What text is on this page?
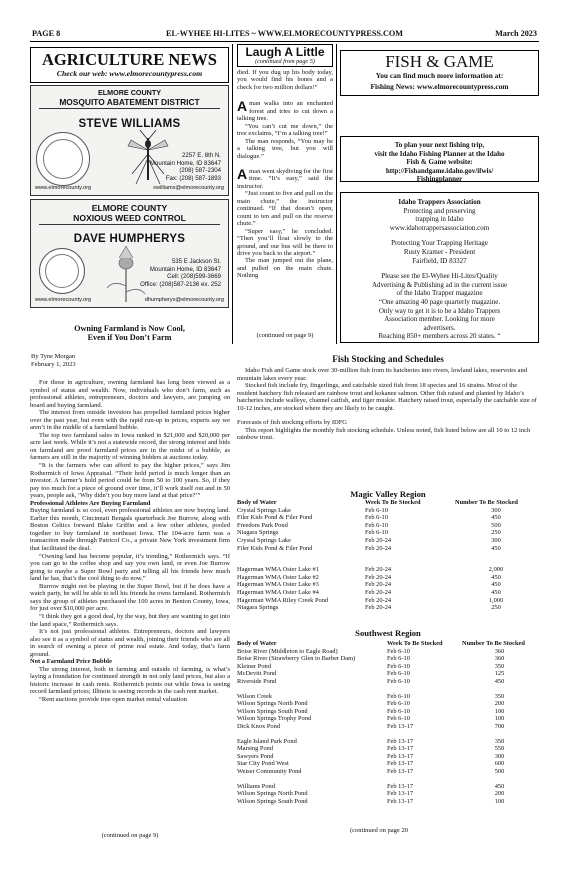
PAGE 8	EL-WYHEE HI-LITES ~ WWW.ELMORECOUNTYPRESS.COM	March 2023
AGRICULTURE NEWS
Check our web: www.elmorecountypress.com
ELMORE COUNTY
MOSQUITO ABATEMENT DISTRICT
STEVE WILLIAMS
2257 E. 8th N.
Mountain Home, ID 83647
(208) 587-2304
Fax: (208) 587-1893
www.elmorecounty.org	swilliams@elmorecounty.org
ELMORE COUNTY
NOXIOUS WEED CONTROL
DAVE HUMPHERYS
535 E Jackson St.
Mountain Home, ID 83647
Cell: (208)599-3669
Office: (208)587-2136 ex. 252
www.elmorecounty.org	dhumpherys@elmorecounty.org
Owning Farmland is Now Cool,
Even if You Don’t Farm
By Tyne Morgan
February 1, 2023
For those in agriculture, owning farmland has long been viewed as a symbol of status and wealth. Now, individuals who don’t farm, such as professional athletes, entrepreneurs, doctors and lawyers, are jumping on board and buying farmland.
The interest from outside investors has propelled farmland prices higher over the past year, but even with the rapid run-up in prices, experts say we aren’t in the middle of a farmland bubble.
The top two farmland sales in Iowa ranked in $21,000 and $20,000 per acre last week. While it’s not a statewide record, the strong interest and bids on farmland are proof farmland prices are in the midst of a bubble, as farmers are still in the majority of winning bidders at auctions today.
“It is the farmers who can afford to pay the higher prices,” says Jim Rothermich of Iowa Appraisal. “Their hold period is much longer than an investor. A farmer’s hold period could be from 50 to 100 years. So, if they pay too much for a piece of ground over time, it’ll work itself out and in 50 years, people ask, ‘Why didn’t you buy more land at that price?’”
Professional Athletes Are Buying Farmland
Buying farmland is so cool, even professional athletes are now buying land. Earlier this month, Cincinnati Bengals quarterback Joe Burrow, along with Boston Celtics forward Blake Griffin and a few other athletes, pooled together to buy farmland in northeast Iowa. The 104-acre farm was a transaction made through Patricof Co., a private New York investment firm that facilitated the deal.
“Owning land has become popular, it’s trending,” Rothermich says. “If you can go to the coffee shop and say you own land, or even Joe Burrow going to maybe a Super Bowl party and telling all his friends how much land he has, that’s the cool thing to do now.”
Burrow might not be playing in the Super Bowl, but if he does have a watch party, he will be able to tell his friends he owns farmland. Rothermich says the group of athletes purchased the 100 acres in Benton County, Iowa, for just over $10,000 per acre.
“I think they got a good deal, by the way, but they are wanting to get into the land space,” Rothermich says.
It’s not just professional athletes. Entrepreneurs, doctors and lawyers also see it as a symbol of status and wealth, joining their friends who are all in search of owning a piece of prime real estate. And today, that’s farm ground.
Not a Farmland Price Bubble
The strong interest, both in farming and outside of farming, is what’s laying a foundation for continued strength in not only land prices, but also a historic increase in cash rents. Rothermich points out while Iowa is seeing record farmland prices; Illinois is seeing records in the cash rent market.
“Rent auctions provide true open market rental valuation
(continued on page 9)
Laugh A Little
(continued from page 5)
died. If you dug up his body today, you would find his bones and a check for two million dollars!”
Aman walks into an enchanted forest and tries to cut down a talking tree.
“You can’t cut me down,” the tree exclaims, “I’m a talking tree!”
The man responds, “You may be a talking tree, but you will dialogue.”
Aman went skydiving for the first time. “It’s easy,” said the instructor.
“Just count to five and pull on the main chute,” the instructor continued. “If that doesn’t open, count to ten and pull on the reserve chute.”
“Super easy,” he concluded. “Then you’ll float slowly to the ground, and our bus will be there to drive you back to the airport.”
The man jumped out the plane, and pulled on the main chute. Nothing
(continued on page 9)
FISH & GAME
You can find much more information at:
Fishing News: www.elmorecountypress.com
To plan your next fishing trip,
visit the Idaho Fishing Planner at the Idaho
Fish & Game website:
http://Fishandgame.idaho.gov/ifwis/
Fishingplanner
Idaho Trappers Association
Protecting and preserving
trapping in Idaho
www.idahotrappersassociation.com
Protecting Your Trapping Heritage
Rusty Kramer - President
Fairfield, ID 83327
Please see the El-Wyhee Hi-Lites/Quality
Advertising & Publishing ad in the current issue
of the Idaho Trapper magazine
“One amazing 40 page quarterly magazine.
Only way to get it is to be a Idaho Trappers
Association member. Looking for more
advertisers.
Reaching 850+ members across 20 states. “
Fish Stocking and Schedules
Idaho Fish and Game stock over 30-million fish from its hatcheries into rivers, lowland lakes, reservoirs and mountain lakes every year.
Stocked fish include fry, fingerlings, and catchable sized fish from 18 species and 16 strains. Most of the resident hatchery fish released are rainbow trout and kokanee salmon. Other fish raised and planted by Idaho’s hatcheries include walleye, channel catfish, and tiger muskie. Hatchery raised trout, especially the catchable size of 10-12 inches, are stocked where they are likely to be caught.
Forecasts of fish stocking efforts by IDFG
This report highlights the monthly fish stocking schedule. Unless noted, fish listed below are all 10 to 12 inch rainbow trout.
Magic Valley Region
Body of Water	Week To Be Stocked	Number To Be Stocked
Crystal Springs Lake	Feb 6-10	300
Filer Kids Pond & Filer Pond	Feb 6-10	450
Freedom Park Pond	Feb 6-10	500
Niagara Springs	Feb 6-10	250
Crystal Springs Lake	Feb 20-24	300
Filer Kids Pond & Filer Pond	Feb 20-24	450

Hagerman WMA Oster Lake #1	Feb 20-24	2,000
Hagerman WMA Oster Lake #2	Feb 20-24	450
Hagerman WMA Oster Lake #3	Feb 20-24	450
Hagerman WMA Oster Lake #4	Feb 20-24	450
Hagerman WMA Riley Creek Pond	Feb 20-24	1,000
Niagara Springs	Feb 20-24	250
Southwest Region
Body of Water	Week To Be Stocked	Number To Be Stocked
Boise River (Middleton to Eagle Road)	Feb 6-10	360
Boise River (Strawberry Glen to Barber Dam)	Feb 6-10	360
Kleiner Pond	Feb 6-10	350
McDevitt Pond	Feb 6-10	125
Riverside Pond	Feb 6-10	450

Wilson Creek	Feb 6-10	350
Wilson Springs North Pond	Feb 6-10	200
Wilson Springs South Pond	Feb 6-10	100
Wilson Springs Trophy Pond	Feb 6-10	100
Dick Knox Pond	Feb 13-17	700

Eagle Island Park Pond	Feb 13-17	350
Marsing Pond	Feb 13-17	550
Sawyers Pond	Feb 13-17	300
Star City Pond West	Feb 13-17	600
Weiser Community Pond	Feb 13-17	500

Williams Pond	Feb 13-17	450
Wilson Springs North Pond	Feb 13-17	200
Wilson Springs South Pond	Feb 13-17	100
(continued on page 20
